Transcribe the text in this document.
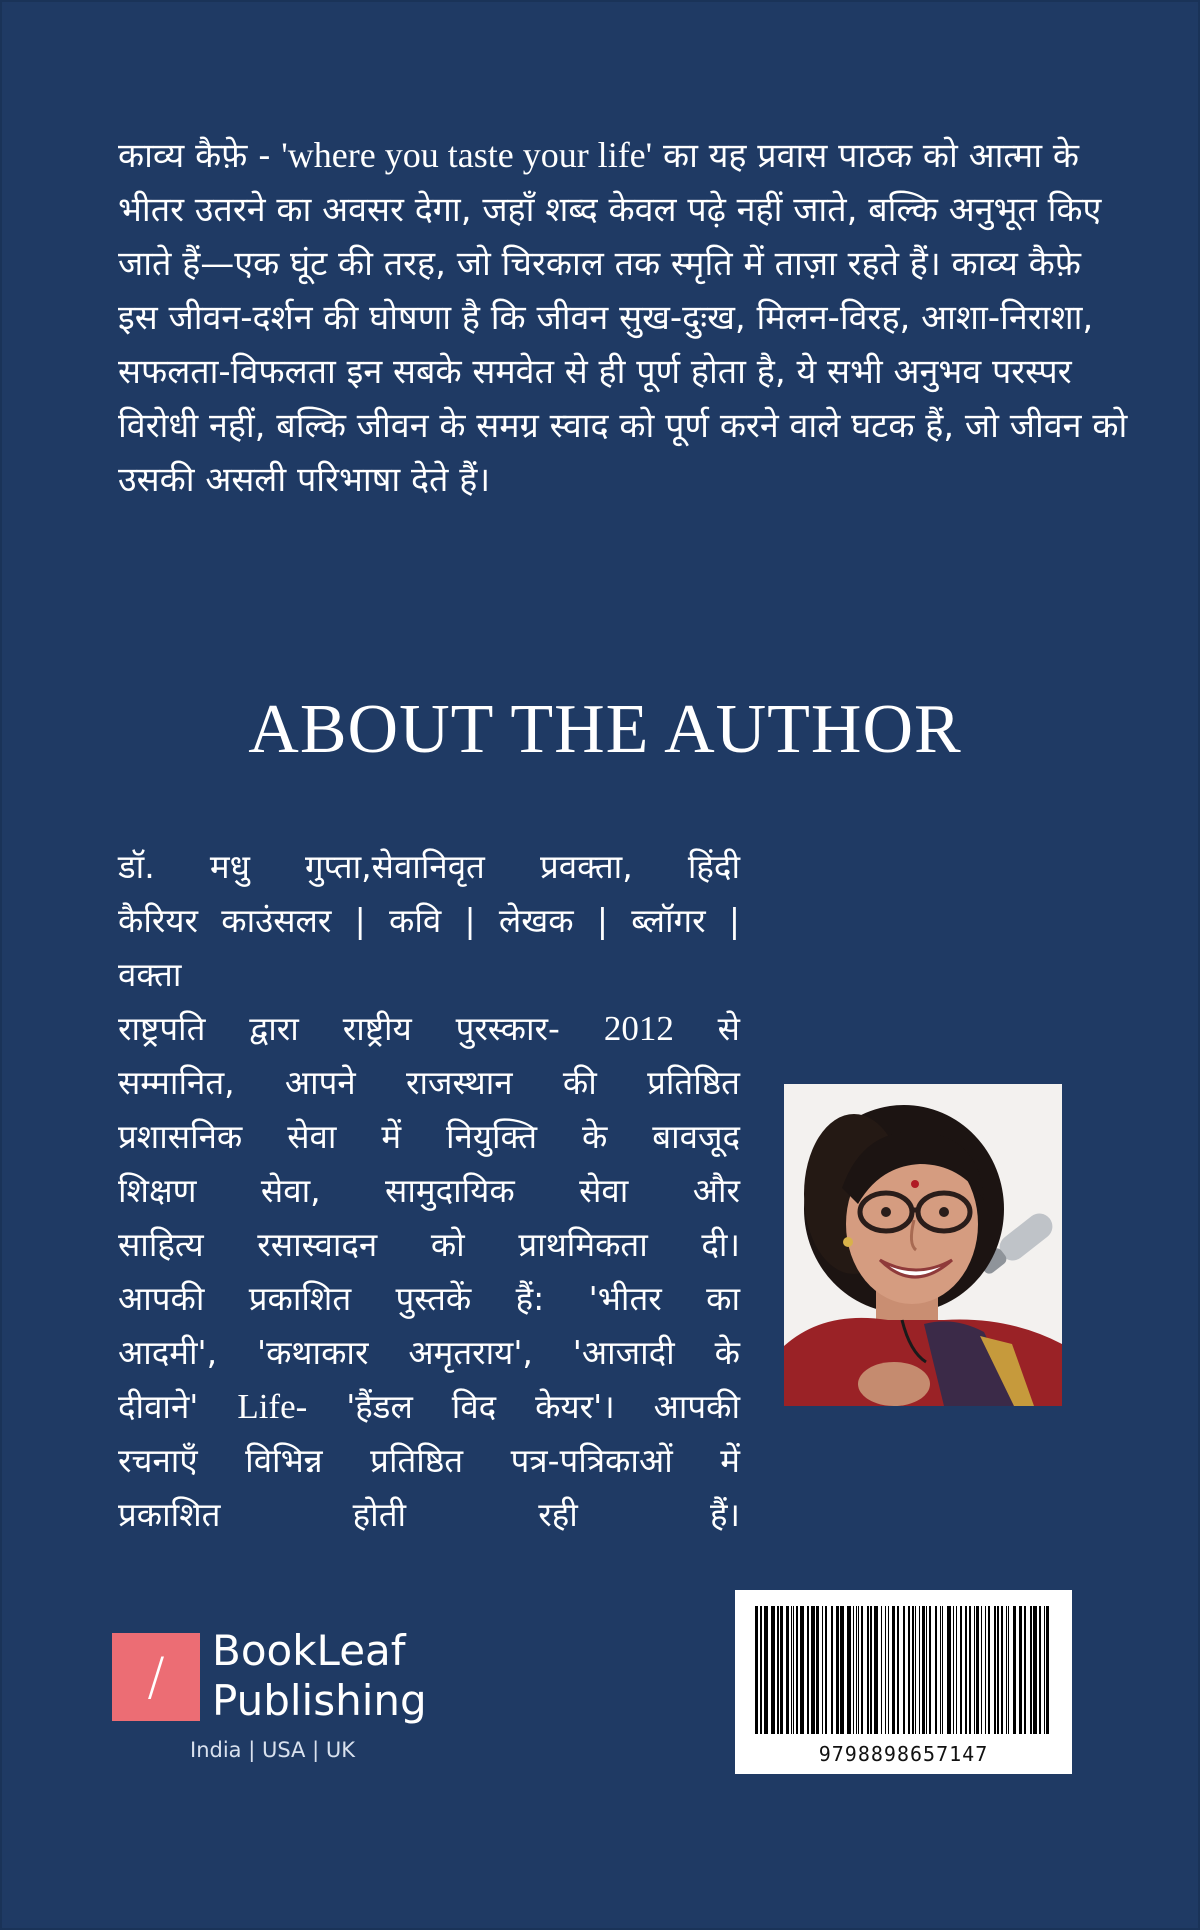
काव्य कैफ़े - 'where you taste your life' का यह प्रवास पाठक को आत्मा के भीतर उतरने का अवसर देगा, जहाँ शब्द केवल पढ़े नहीं जाते, बल्कि अनुभूत किए जाते हैं—एक घूंट की तरह, जो चिरकाल तक स्मृति में ताज़ा रहते हैं। काव्य कैफ़े इस जीवन-दर्शन की घोषणा है कि जीवन सुख-दुःख, मिलन-विरह, आशा-निराशा, सफलता-विफलता इन सबके समवेत से ही पूर्ण होता है, ये सभी अनुभव परस्पर विरोधी नहीं, बल्कि जीवन के समग्र स्वाद को पूर्ण करने वाले घटक हैं, जो जीवन को उसकी असली परिभाषा देते हैं।
ABOUT THE AUTHOR
डॉ. मधु गुप्ता,सेवानिवृत प्रवक्ता, हिंदी
कैरियर काउंसलर | कवि | लेखक | ब्लॉगर |
वक्ता
राष्ट्रपति द्वारा राष्ट्रीय पुरस्कार- 2012 से
सम्मानित, आपने राजस्थान की प्रतिष्ठित
प्रशासनिक सेवा में नियुक्ति के बावजूद
शिक्षण सेवा, सामुदायिक सेवा और
साहित्य रसास्वादन को प्राथमिकता दी।
आपकी प्रकाशित पुस्तकें हैं: 'भीतर का
आदमी', 'कथाकार अमृतराय', 'आजादी के
दीवाने' Life- 'हैंडल विद केयर'। आपकी
रचनाएँ विभिन्न प्रतिष्ठित पत्र-पत्रिकाओं में
प्रकाशित होती रही हैं।
/	BookLeaf
Publishing
India | USA | UK	9798898657147
